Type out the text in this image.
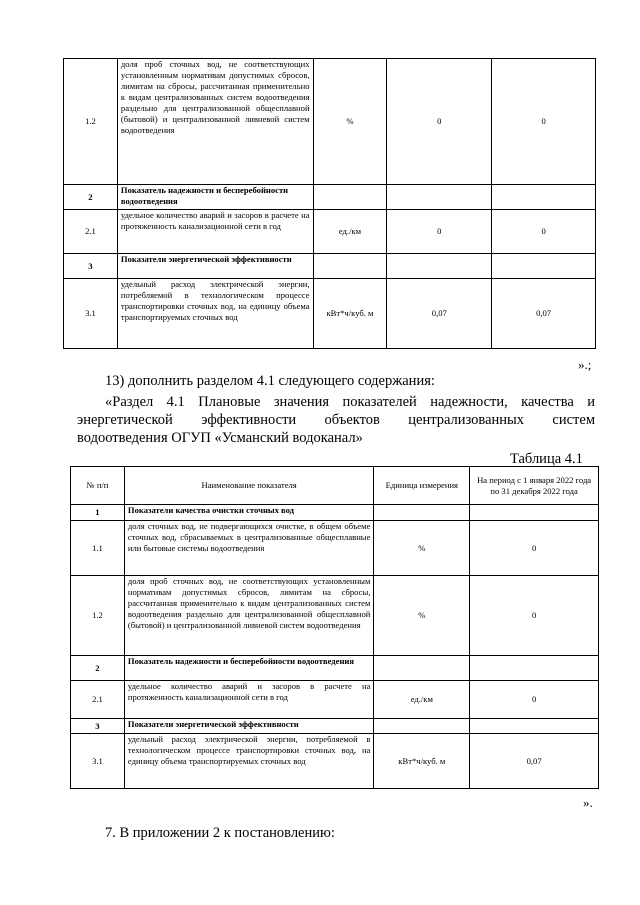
1.2	доля проб сточных вод, не соответствующих установленным нормативам допустимых сбросов, лимитам на сбросы, рассчитанная применительно к видам централизованных систем водоотведения раздельно для централизованной общесплавной (бытовой) и централизованной ливневой систем водоотведения	%	0	0
2	Показатель надежности и бесперебойности водоотведения			
2.1	удельное количество аварий и засоров в расчете на протяженность канализационной сети в год	ед./км	0	0
3	Показатели энергетической эффективности			
3.1	удельный расход электрической энергии, потребляемой в технологическом процессе транспортировки сточных вод, на единицу объема транспортируемых сточных вод	кВт*ч/куб. м	0,07	0,07
».;
13) дополнить разделом 4.1 следующего содержания:
«Раздел 4.1 Плановые значения показателей надежности, качества и
энергетической эффективности объектов централизованных систем
водоотведения ОГУП «Усманский водоканал»
Таблица 4.1
№ п/п	Наименование показателя	Единица измерения	На период с 1 января 2022 года по 31 декабря 2022 года
1	Показатели качества очистки сточных вод		
1.1	доля сточных вод, не подвергающихся очистке, в общем объеме сточных вод, сбрасываемых в централизованные общесплавные или бытовые системы водоотведения	%	0
1.2	доля проб сточных вод, не соответствующих установленным нормативам допустимых сбросов, лимитам на сбросы, рассчитанная применительно к видам централизованных систем водоотведения раздельно для централизованной общесплавной (бытовой) и централизованной ливневой систем водоотведения	%	0
2	Показатель надежности и бесперебойности водоотведения		
2.1	удельное количество аварий и засоров в расчете на протяженность канализационной сети в год	ед./км	0
3	Показатели энергетической эффективности		
3.1	удельный расход электрической энергии, потребляемой в технологическом процессе транспортировки сточных вод, на единицу объема транспортируемых сточных вод	кВт*ч/куб. м	0,07
».
7. В приложении 2 к постановлению:
